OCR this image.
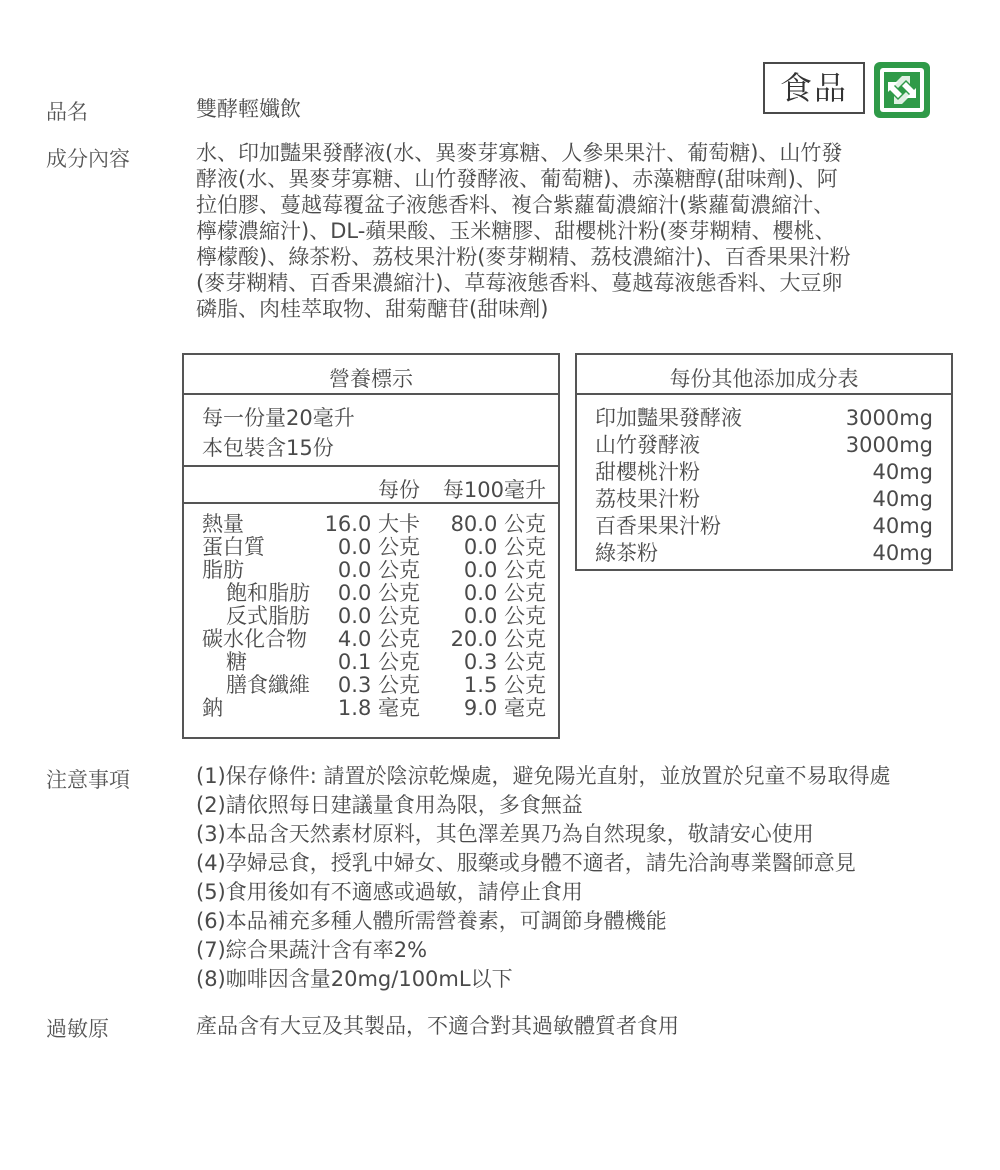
品名	雙酵輕孅飲
食品
成分內容	水、印加豔果發酵液(水、異麥芽寡糖、人參果果汁、葡萄糖)、山竹發
酵液(水、異麥芽寡糖、山竹發酵液、葡萄糖)、赤藻糖醇(甜味劑)、阿
拉伯膠、蔓越莓覆盆子液態香料、複合紫蘿蔔濃縮汁(紫蘿蔔濃縮汁、
檸檬濃縮汁)、DL-蘋果酸、玉米糖膠、甜櫻桃汁粉(麥芽糊精、櫻桃、
檸檬酸)、綠茶粉、荔枝果汁粉(麥芽糊精、荔枝濃縮汁)、百香果果汁粉
(麥芽糊精、百香果濃縮汁)、草莓液態香料、蔓越莓液態香料、大豆卵
磷脂、肉桂萃取物、甜菊醣苷(甜味劑)
營養標示
每一份量20毫升
本包裝含15份
每份 每100毫升
熱量	16.0 大卡 80.0 公克
蛋白質	0.0 公克 0.0 公克
脂肪	0.0 公克 0.0 公克
飽和脂肪 0.0 公克 0.0 公克
反式脂肪 0.0 公克 0.0 公克
碳水化合物 4.0 公克 20.0 公克
糖	0.1 公克 0.3 公克
膳食纖維 0.3 公克 1.5 公克
鈉	1.8 毫克 9.0 毫克
每份其他添加成分表
印加豔果發酵液	3000mg
山竹發酵液	3000mg
甜櫻桃汁粉	40mg
荔枝果汁粉	40mg
百香果果汁粉	40mg
綠茶粉	40mg
注意事項	(1)保存條件: 請置於陰涼乾燥處，避免陽光直射，並放置於兒童不易取得處
(2)請依照每日建議量食用為限，多食無益
(3)本品含天然素材原料，其色澤差異乃為自然現象，敬請安心使用
(4)孕婦忌食，授乳中婦女、服藥或身體不適者，請先洽詢專業醫師意見
(5)食用後如有不適感或過敏，請停止食用
(6)本品補充多種人體所需營養素，可調節身體機能
(7)綜合果蔬汁含有率2%
(8)咖啡因含量20mg/100mL以下
過敏原	產品含有大豆及其製品，不適合對其過敏體質者食用
